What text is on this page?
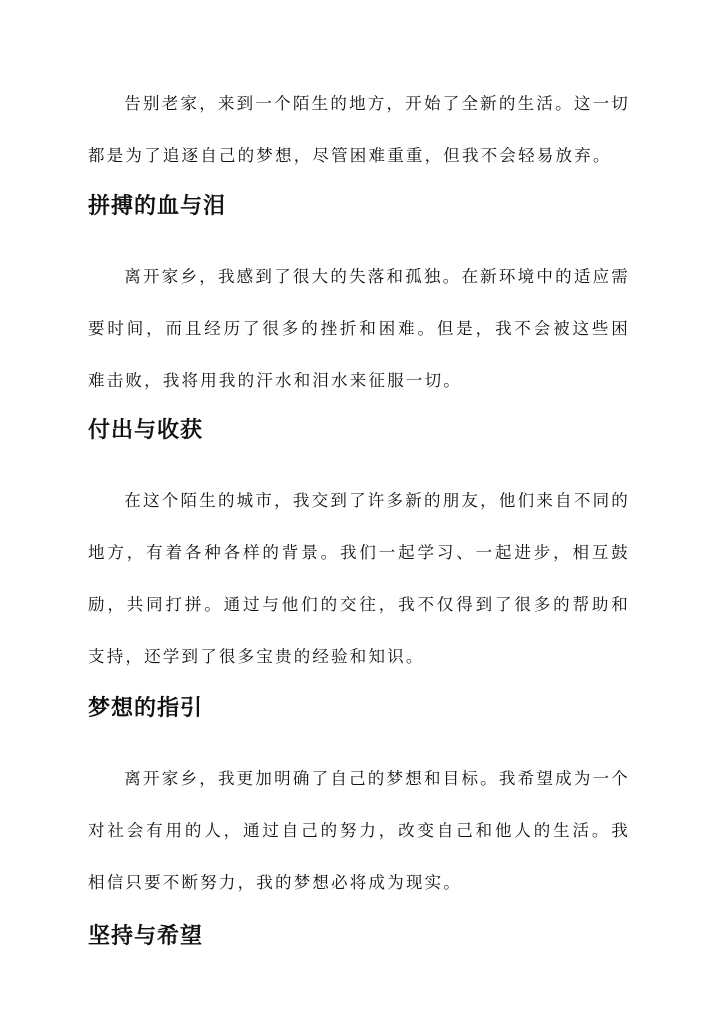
告别老家，来到一个陌生的地方，开始了全新的生活。这一切都是为了追逐自己的梦想，尽管困难重重，但我不会轻易放弃。

拼搏的血与泪

离开家乡，我感到了很大的失落和孤独。在新环境中的适应需要时间，而且经历了很多的挫折和困难。但是，我不会被这些困难击败，我将用我的汗水和泪水来征服一切。

付出与收获

在这个陌生的城市，我交到了许多新的朋友，他们来自不同的地方，有着各种各样的背景。我们一起学习、一起进步，相互鼓励，共同打拼。通过与他们的交往，我不仅得到了很多的帮助和支持，还学到了很多宝贵的经验和知识。

梦想的指引

离开家乡，我更加明确了自己的梦想和目标。我希望成为一个对社会有用的人，通过自己的努力，改变自己和他人的生活。我相信只要不断努力，我的梦想必将成为现实。

坚持与希望
